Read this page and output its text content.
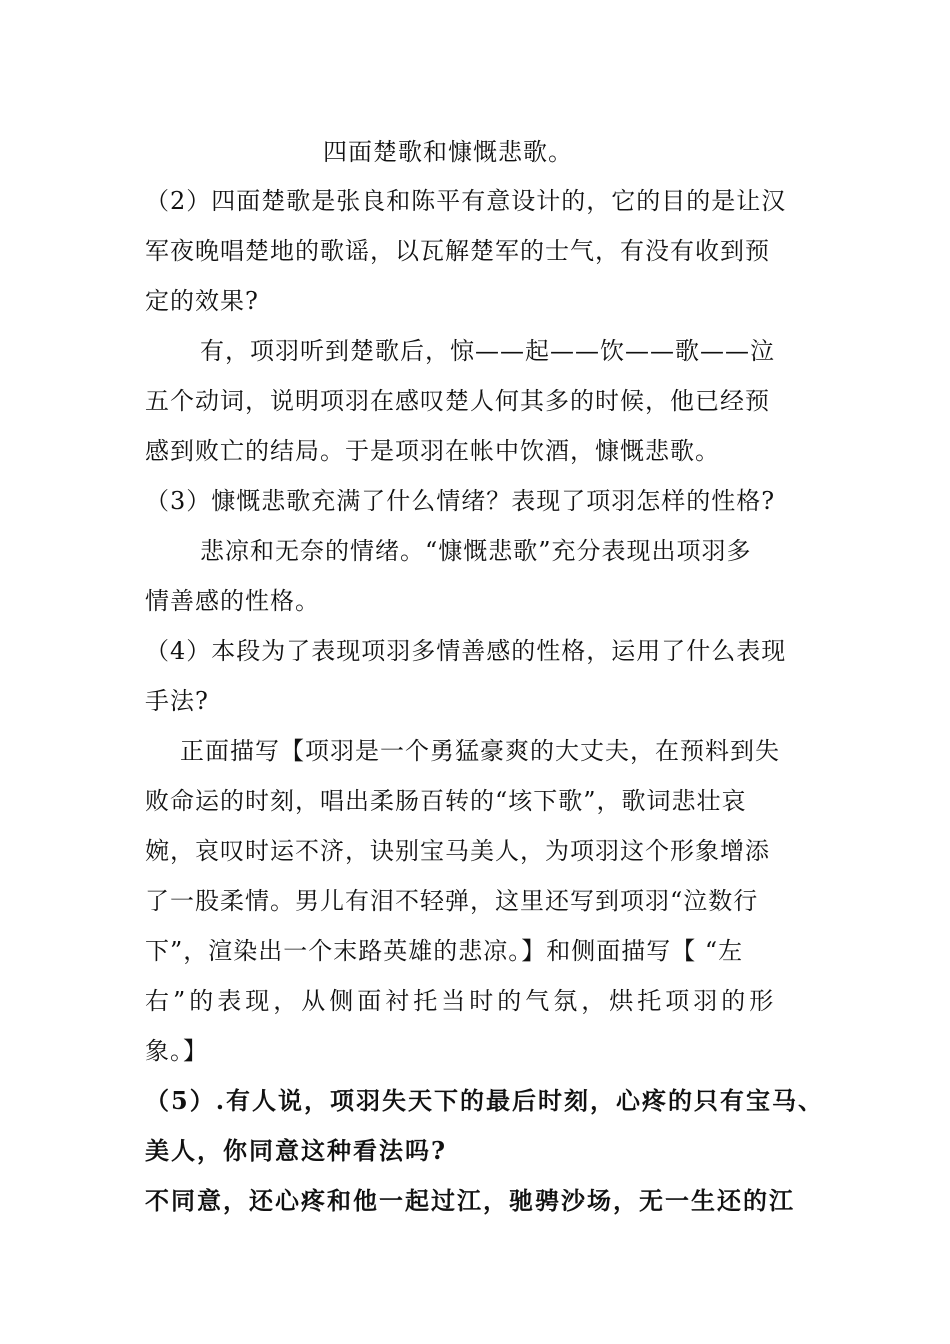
四面楚歌和慷慨悲歌。
（2）四面楚歌是张良和陈平有意设计的，它的目的是让汉
军夜晚唱楚地的歌谣，以瓦解楚军的士气，有没有收到预
定的效果?
有，项羽听到楚歌后，惊——起——饮——歌——泣
五个动词，说明项羽在感叹楚人何其多的时候，他已经预
感到败亡的结局。于是项羽在帐中饮酒，慷慨悲歌。
（3）慷慨悲歌充满了什么情绪？表现了项羽怎样的性格?
悲凉和无奈的情绪。“慷慨悲歌”充分表现出项羽多
情善感的性格。
（4）本段为了表现项羽多情善感的性格，运用了什么表现
手法?
正面描写【项羽是一个勇猛豪爽的大丈夫，在预料到失
败命运的时刻，唱出柔肠百转的“垓下歌”，歌词悲壮哀
婉，哀叹时运不济，诀别宝马美人，为项羽这个形象增添
了一股柔情。男儿有泪不轻弹，这里还写到项羽“泣数行
下”，渲染出一个末路英雄的悲凉。】和侧面描写【 “左
右”的表现，从侧面衬托当时的气氛，烘托项羽的形
象。】
（5）.有人说，项羽失天下的最后时刻，心疼的只有宝马、
美人，你同意这种看法吗?
不同意，还心疼和他一起过江，驰骋沙场，无一生还的江
